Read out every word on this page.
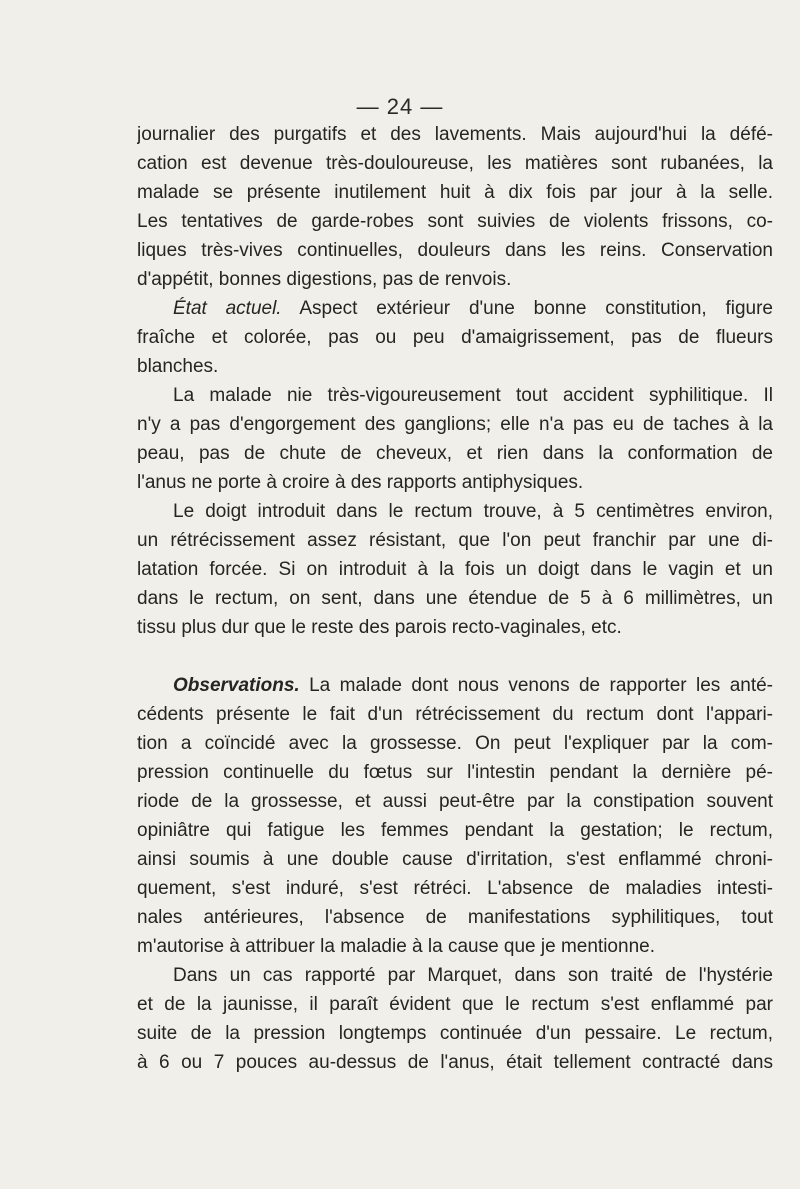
— 24 —
journalier des purgatifs et des lavements. Mais aujourd'hui la défé-
cation est devenue très-douloureuse, les matières sont rubanées, la
malade se présente inutilement huit à dix fois par jour à la selle.
Les tentatives de garde-robes sont suivies de violents frissons, co-
liques très-vives continuelles, douleurs dans les reins. Conservation
d'appétit, bonnes digestions, pas de renvois.
État actuel. Aspect extérieur d'une bonne constitution, figure
fraîche et colorée, pas ou peu d'amaigrissement, pas de flueurs
blanches.
La malade nie très-vigoureusement tout accident syphilitique. Il
n'y a pas d'engorgement des ganglions; elle n'a pas eu de taches à la
peau, pas de chute de cheveux, et rien dans la conformation de
l'anus ne porte à croire à des rapports antiphysiques.
Le doigt introduit dans le rectum trouve, à 5 centimètres environ,
un rétrécissement assez résistant, que l'on peut franchir par une di-
latation forcée. Si on introduit à la fois un doigt dans le vagin et un
dans le rectum, on sent, dans une étendue de 5 à 6 millimètres, un
tissu plus dur que le reste des parois recto-vaginales, etc.
Observations. La malade dont nous venons de rapporter les anté-
cédents présente le fait d'un rétrécissement du rectum dont l'appari-
tion a coïncidé avec la grossesse. On peut l'expliquer par la com-
pression continuelle du fœtus sur l'intestin pendant la dernière pé-
riode de la grossesse, et aussi peut-être par la constipation souvent
opiniâtre qui fatigue les femmes pendant la gestation; le rectum,
ainsi soumis à une double cause d'irritation, s'est enflammé chroni-
quement, s'est induré, s'est rétréci. L'absence de maladies intesti-
nales antérieures, l'absence de manifestations syphilitiques, tout
m'autorise à attribuer la maladie à la cause que je mentionne.
Dans un cas rapporté par Marquet, dans son traité de l'hystérie
et de la jaunisse, il paraît évident que le rectum s'est enflammé par
suite de la pression longtemps continuée d'un pessaire. Le rectum,
à 6 ou 7 pouces au-dessus de l'anus, était tellement contracté dans
